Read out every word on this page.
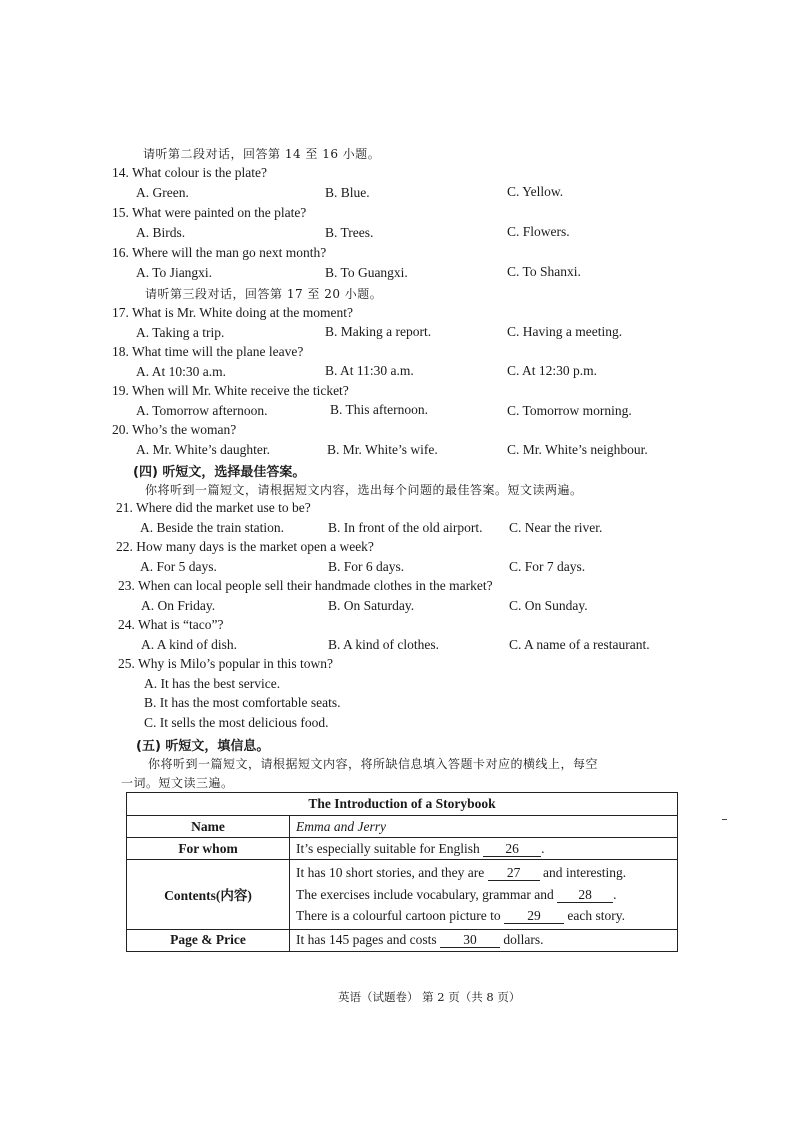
请听第二段对话，回答第 14 至 16 小题。
14. What colour is the plate?
A. Green.	B. Blue.	C. Yellow.
15. What were painted on the plate?
A. Birds.	B. Trees.	C. Flowers.
16. Where will the man go next month?
A. To Jiangxi.	B. To Guangxi.	C. To Shanxi.
请听第三段对话，回答第 17 至 20 小题。
17. What is Mr. White doing at the moment?
A. Taking a trip.	B. Making a report.	C. Having a meeting.
18. What time will the plane leave?
A. At 10:30 a.m.	B. At 11:30 a.m.	C. At 12:30 p.m.
19. When will Mr. White receive the ticket?
A. Tomorrow afternoon.	B. This afternoon.	C. Tomorrow morning.
20. Who’s the woman?
A. Mr. White’s daughter.	B. Mr. White’s wife.	C. Mr. White’s neighbour.
(四) 听短文，选择最佳答案。
你将听到一篇短文，请根据短文内容，选出每个问题的最佳答案。短文读两遍。
21. Where did the market use to be?
A. Beside the train station.	B. In front of the old airport. C. Near the river.
22. How many days is the market open a week?
A. For 5 days.	B. For 6 days.	C. For 7 days.
23. When can local people sell their handmade clothes in the market?
A. On Friday.	B. On Saturday.	C. On Sunday.
24. What is “taco”?
A. A kind of dish.	B. A kind of clothes.	C. A name of a restaurant.
25. Why is Milo’s popular in this town?
A. It has the best service.
B. It has the most comfortable seats.
C. It sells the most delicious food.
(五) 听短文，填信息。
你将听到一篇短文，请根据短文内容，将所缺信息填入答题卡对应的横线上，每空
一词。短文读三遍。
The Introduction of a Storybook	
Name	Emma and Jerry
For whom	It’s especially suitable for English 26 .
Contents(内容)	It has 10 short stories, and they are 27 and interesting.
The exercises include vocabulary, grammar and 28 .
There is a colourful cartoon picture to 29 each story.

Page & Price	It has 145 pages and costs 30 dollars.
英语（试题卷） 第 2 页（共 8 页）
